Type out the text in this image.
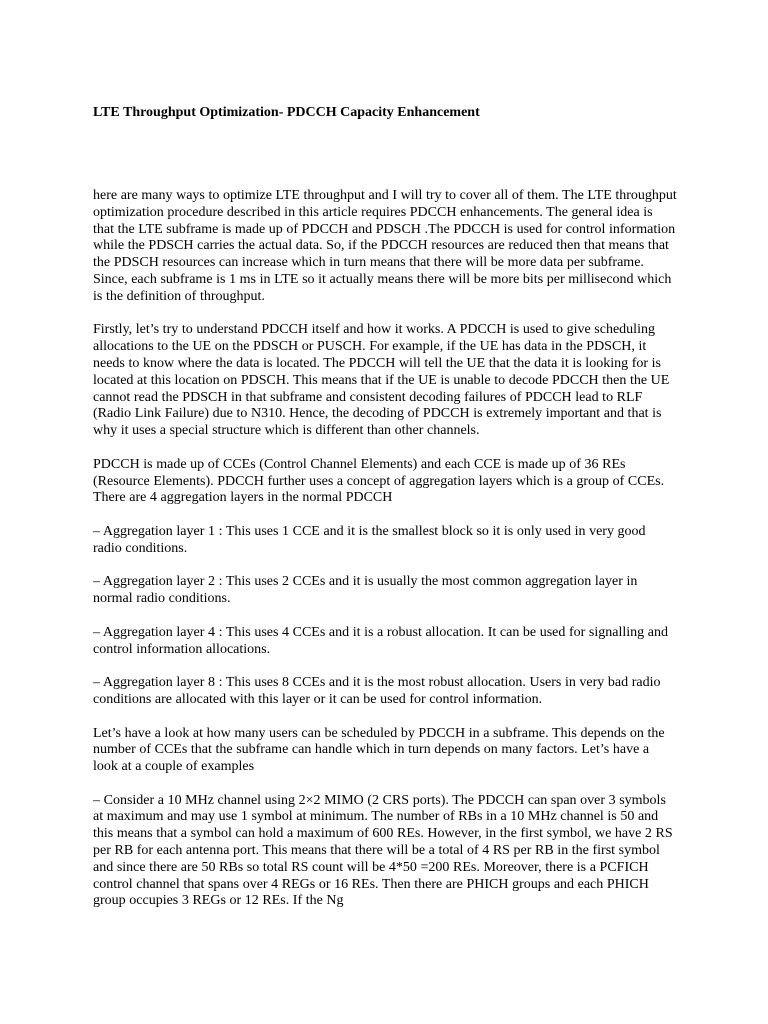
LTE Throughput Optimization- PDCCH Capacity Enhancement

here are many ways to optimize LTE throughput and I will try to cover all of them. The LTE throughput optimization procedure described in this article requires PDCCH enhancements. The general idea is that the LTE subframe is made up of PDCCH and PDSCH .The PDCCH is used for control information while the PDSCH carries the actual data. So, if the PDCCH resources are reduced then that means that the PDSCH resources can increase which in turn means that there will be more data per subframe. Since, each subframe is 1 ms in LTE so it actually means there will be more bits per millisecond which is the definition of throughput.

Firstly, let’s try to understand PDCCH itself and how it works. A PDCCH is used to give scheduling allocations to the UE on the PDSCH or PUSCH. For example, if the UE has data in the PDSCH, it needs to know where the data is located. The PDCCH will tell the UE that the data it is looking for is located at this location on PDSCH. This means that if the UE is unable to decode PDCCH then the UE cannot read the PDSCH in that subframe and consistent decoding failures of PDCCH lead to RLF (Radio Link Failure) due to N310. Hence, the decoding of PDCCH is extremely important and that is why it uses a special structure which is different than other channels.

PDCCH is made up of CCEs (Control Channel Elements) and each CCE is made up of 36 REs (Resource Elements). PDCCH further uses a concept of aggregation layers which is a group of CCEs. There are 4 aggregation layers in the normal PDCCH

– Aggregation layer 1 : This uses 1 CCE and it is the smallest block so it is only used in very good radio conditions.

– Aggregation layer 2 : This uses 2 CCEs and it is usually the most common aggregation layer in normal radio conditions.

– Aggregation layer 4 : This uses 4 CCEs and it is a robust allocation. It can be used for signalling and control information allocations.

– Aggregation layer 8 : This uses 8 CCEs and it is the most robust allocation. Users in very bad radio conditions are allocated with this layer or it can be used for control information.

Let’s have a look at how many users can be scheduled by PDCCH in a subframe. This depends on the number of CCEs that the subframe can handle which in turn depends on many factors. Let’s have a look at a couple of examples

– Consider a 10 MHz channel using 2×2 MIMO (2 CRS ports). The PDCCH can span over 3 symbols at maximum and may use 1 symbol at minimum. The number of RBs in a 10 MHz channel is 50 and this means that a symbol can hold a maximum of 600 REs. However, in the first symbol, we have 2 RS per RB for each antenna port. This means that there will be a total of 4 RS per RB in the first symbol and since there are 50 RBs so total RS count will be 4*50 =200 REs. Moreover, there is a PCFICH control channel that spans over 4 REGs or 16 REs. Then there are PHICH groups and each PHICH group occupies 3 REGs or 12 REs. If the Ng
